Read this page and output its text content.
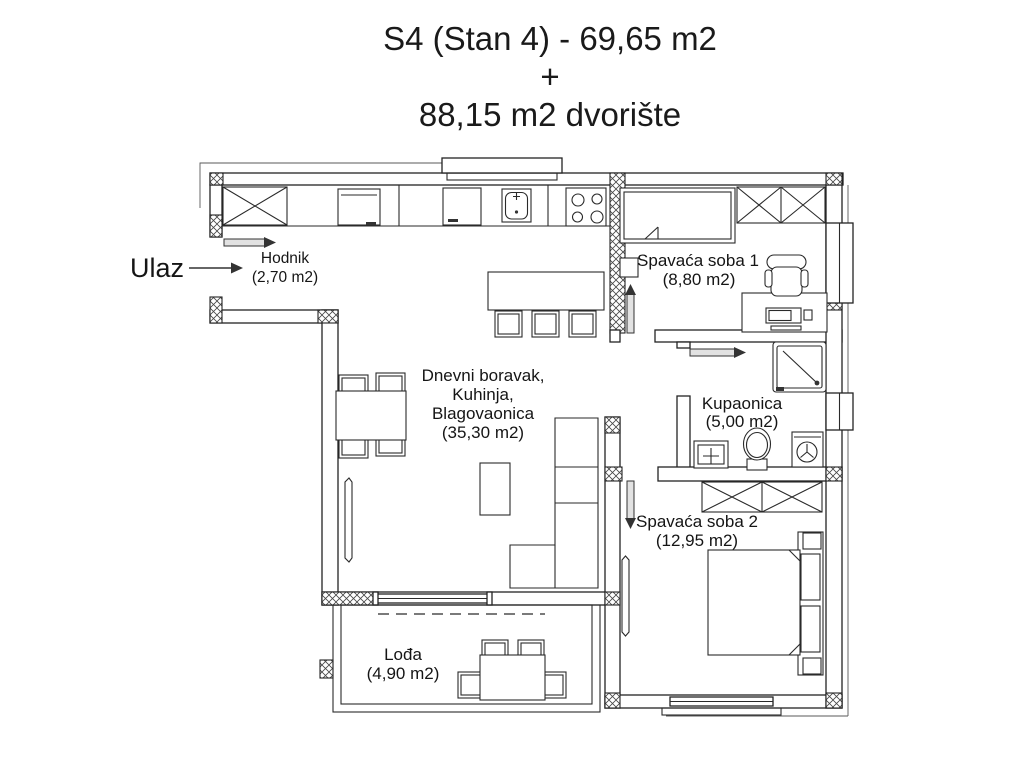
S4 (Stan 4) - 69,65 m2
+
88,15 m2 dvorište
Ulaz	Hodnik
(2,70 m2)
Dnevni boravak,
Kuhinja,
Blagovaonica
(35,30 m2)
Spavaća soba 1
(8,80 m2)
Kupaonica
(5,00 m2)
Spavaća soba 2
(12,95 m2)
Lođa
(4,90 m2)
